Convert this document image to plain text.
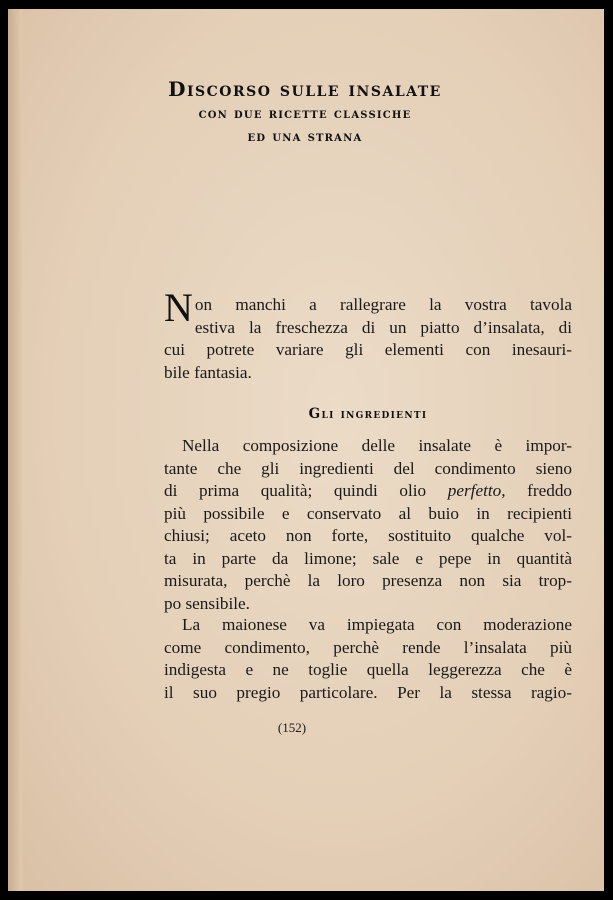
Discorso sulle insalate
con due ricette classiche
ed una strana
N on manchi a rallegrare la vostra tavola
estiva la freschezza di un piatto d’insalata, di
cui potrete variare gli elementi con inesauri-
bile fantasia.
Gli ingredienti
Nella composizione delle insalate è impor-
tante che gli ingredienti del condimento sieno
di prima qualità; quindi olio perfetto, freddo
più possibile e conservato al buio in recipienti
chiusi; aceto non forte, sostituito qualche vol-
ta in parte da limone; sale e pepe in quantità
misurata, perchè la loro presenza non sia trop-
po sensibile.
La maionese va impiegata con moderazione
come condimento, perchè rende l’insalata più
indigesta e ne toglie quella leggerezza che è
il suo pregio particolare. Per la stessa ragio-
(152)
